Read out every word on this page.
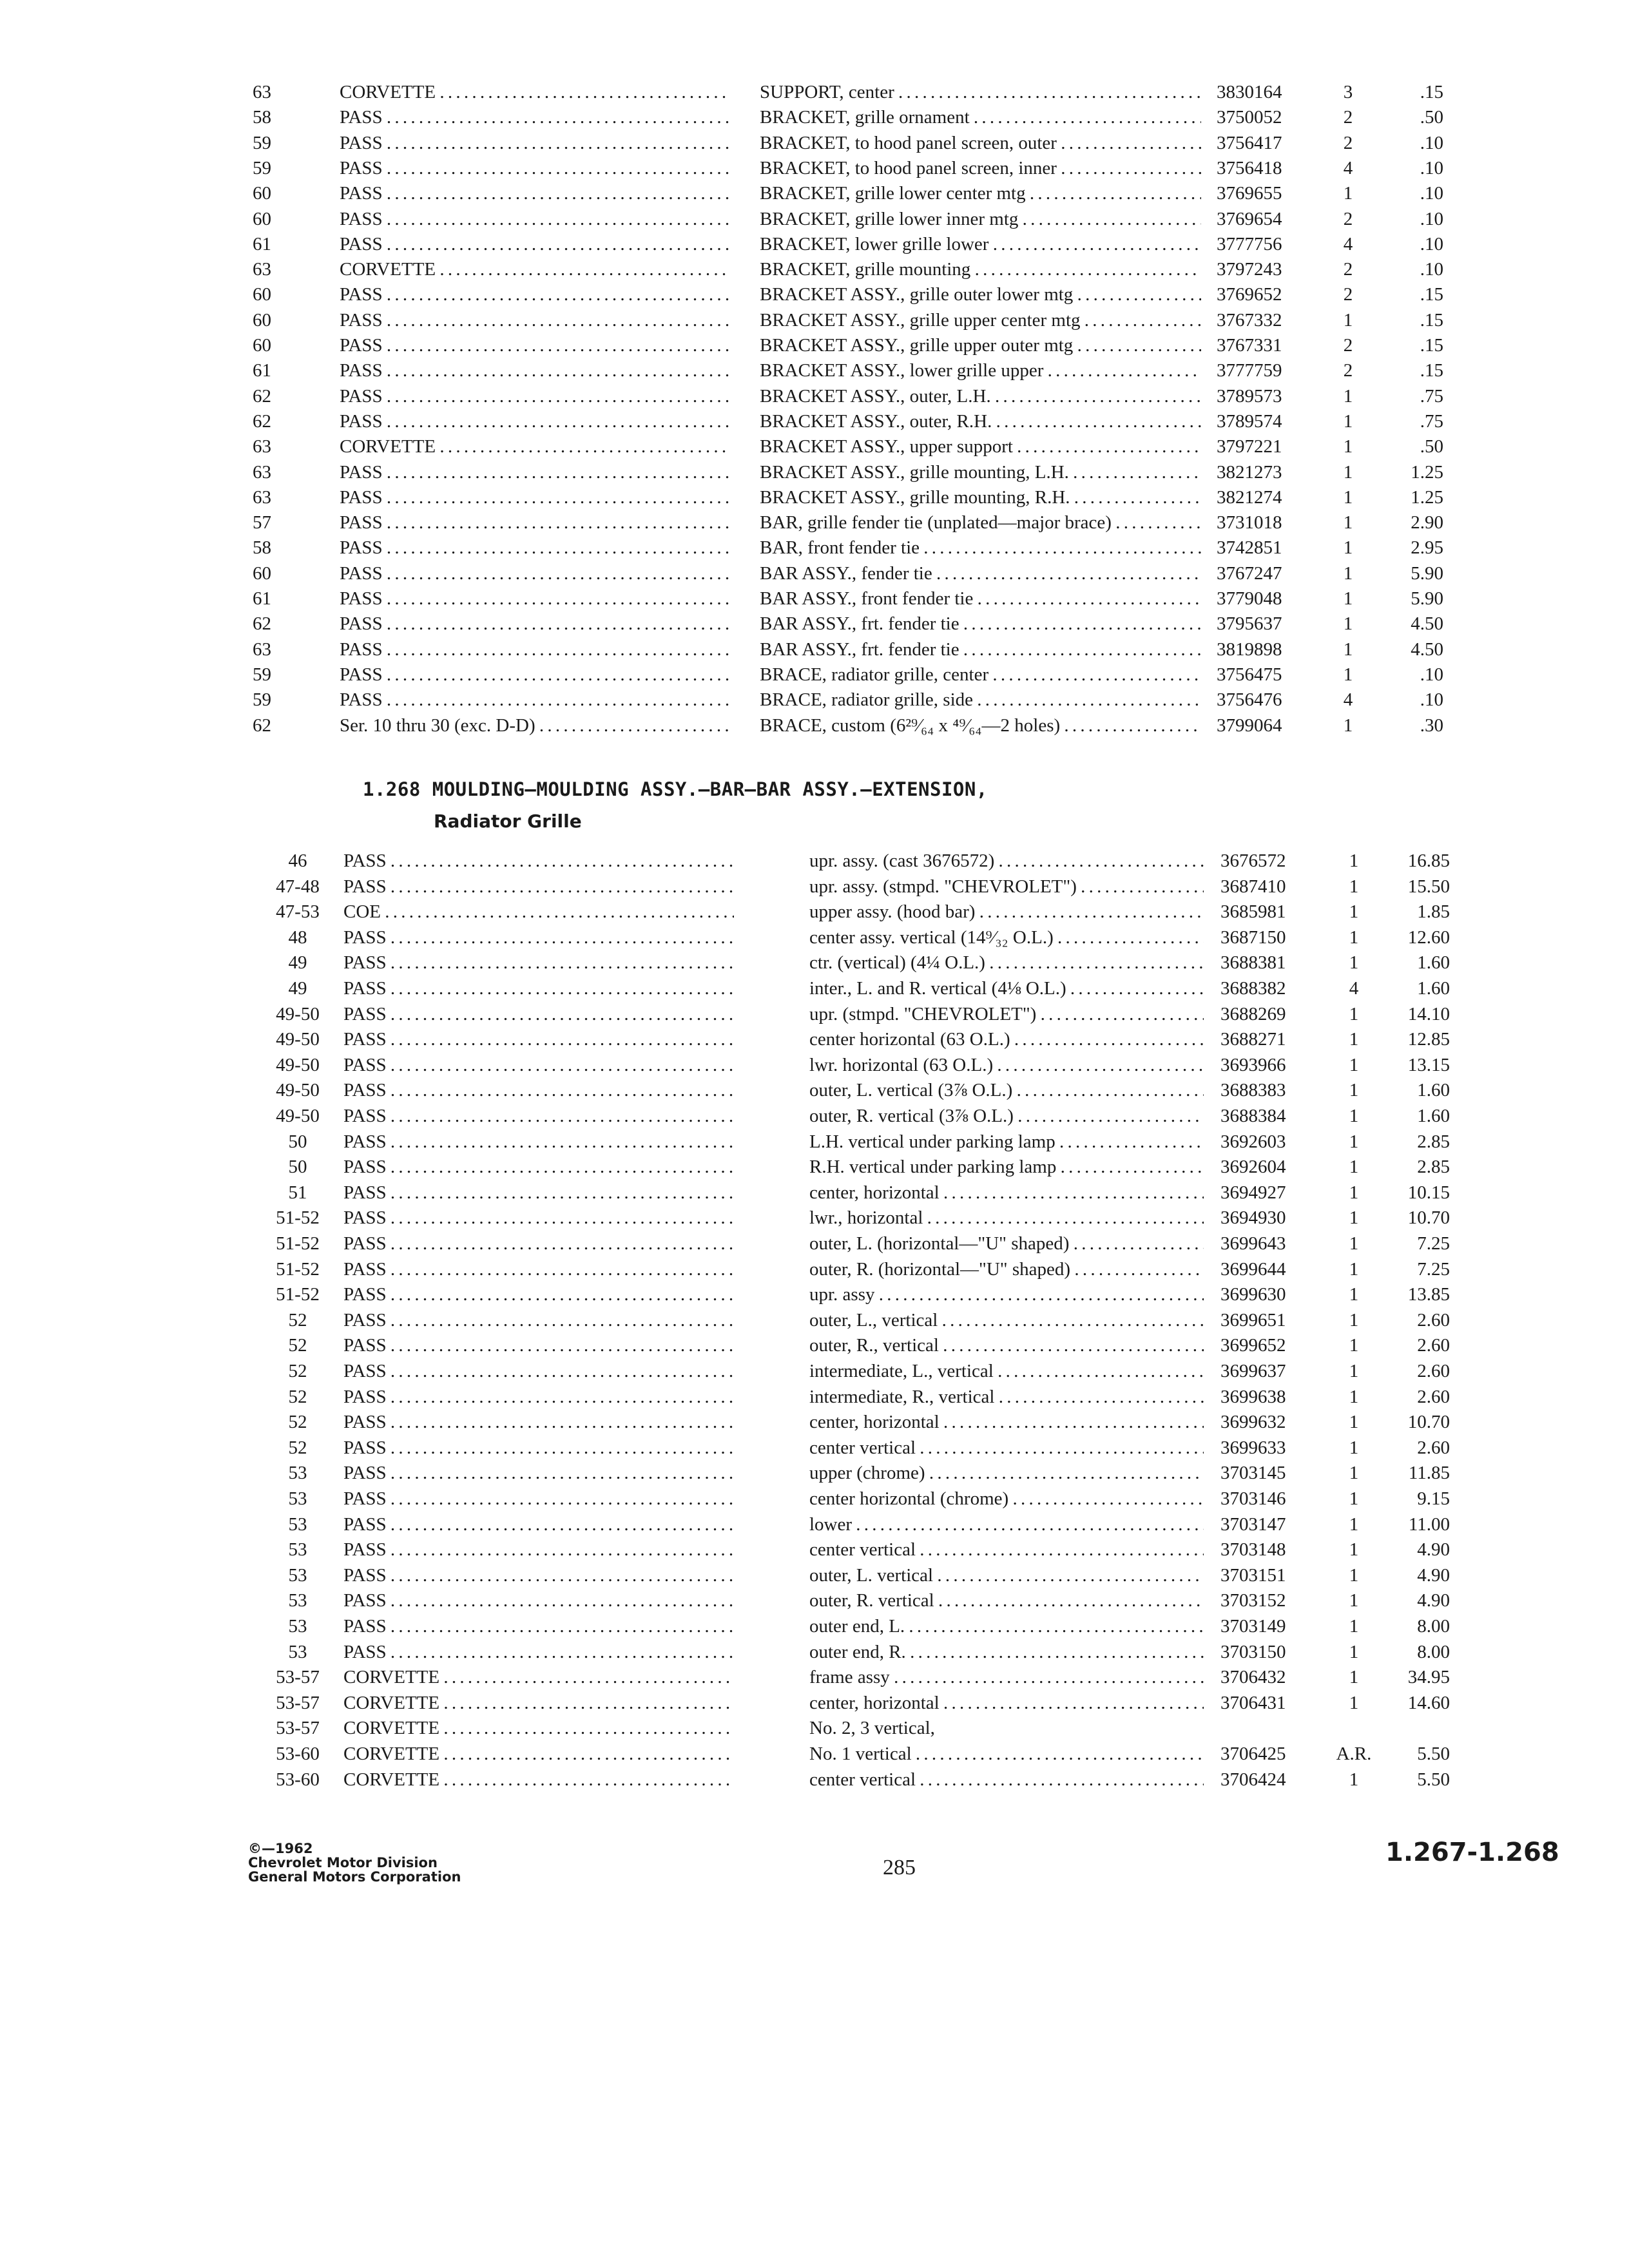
63	CORVETTE . . .	SUPPORT, center . . .	3830164	3	.15
58	PASS . . .	BRACKET, grille ornament . . .	3750052	2	.50
59	PASS . . .	BRACKET, to hood panel screen, outer . . .	3756417	2	.10
59	PASS . . .	BRACKET, to hood panel screen, inner . . .	3756418	4	.10
60	PASS . . .	BRACKET, grille lower center mtg . . .	3769655	1	.10
60	PASS . . .	BRACKET, grille lower inner mtg . . .	3769654	2	.10
61	PASS . . .	BRACKET, lower grille lower . . .	3777756	4	.10
63	CORVETTE . . .	BRACKET, grille mounting . . .	3797243	2	.10
60	PASS . . .	BRACKET ASSY., grille outer lower mtg . . .	3769652	2	.15
60	PASS . . .	BRACKET ASSY., grille upper center mtg . . .	3767332	1	.15
60	PASS . . .	BRACKET ASSY., grille upper outer mtg . . .	3767331	2	.15
61	PASS . . .	BRACKET ASSY., lower grille upper . . .	3777759	2	.15
62	PASS . . .	BRACKET ASSY., outer, L.H. . . .	3789573	1	.75
62	PASS . . .	BRACKET ASSY., outer, R.H. . . .	3789574	1	.75
63	CORVETTE . . .	BRACKET ASSY., upper support . . .	3797221	1	.50
63	PASS . . .	BRACKET ASSY., grille mounting, L.H. . . .	3821273	1	1.25
63	PASS . . .	BRACKET ASSY., grille mounting, R.H. . . .	3821274	1	1.25
57	PASS . . .	BAR, grille fender tie (unplated—major brace) . . .	3731018	1	2.90
58	PASS . . .	BAR, front fender tie . . .	3742851	1	2.95
60	PASS . . .	BAR ASSY., fender tie . . .	3767247	1	5.90
61	PASS . . .	BAR ASSY., front fender tie . . .	3779048	1	5.90
62	PASS . . .	BAR ASSY., frt. fender tie . . .	3795637	1	4.50
63	PASS . . .	BAR ASSY., frt. fender tie . . .	3819898	1	4.50
59	PASS . . .	BRACE, radiator grille, center . . .	3756475	1	.10
59	PASS . . .	BRACE, radiator grille, side . . .	3756476	4	.10
62	Ser. 10 thru 30 (exc. D-D) . . .	BRACE, custom (6²⁹⁄₆₄ x ⁴⁹⁄₆₄—2 holes) . . .	3799064	1	.30
1.268 MOULDING—MOULDING ASSY.—BAR—BAR ASSY.—EXTENSION,
Radiator Grille
46	PASS . . .	upr. assy. (cast 3676572) . . .	3676572	1	16.85
47-48	PASS . . .	upr. assy. (stmpd. "CHEVROLET") . . .	3687410	1	15.50
47-53	COE . . .	upper assy. (hood bar) . . .	3685981	1	1.85
48	PASS . . .	center assy. vertical (14⁹⁄₃₂ O.L.) . . .	3687150	1	12.60
49	PASS . . .	ctr. (vertical) (4¼ O.L.) . . .	3688381	1	1.60
49	PASS . . .	inter., L. and R. vertical (4⅛ O.L.) . . .	3688382	4	1.60
49-50	PASS . . .	upr. (stmpd. "CHEVROLET") . . .	3688269	1	14.10
49-50	PASS . . .	center horizontal (63 O.L.) . . .	3688271	1	12.85
49-50	PASS . . .	lwr. horizontal (63 O.L.) . . .	3693966	1	13.15
49-50	PASS . . .	outer, L. vertical (3⅞ O.L.) . . .	3688383	1	1.60
49-50	PASS . . .	outer, R. vertical (3⅞ O.L.) . . .	3688384	1	1.60
50	PASS . . .	L.H. vertical under parking lamp . . .	3692603	1	2.85
50	PASS . . .	R.H. vertical under parking lamp . . .	3692604	1	2.85
51	PASS . . .	center, horizontal . . .	3694927	1	10.15
51-52	PASS . . .	lwr., horizontal . . .	3694930	1	10.70
51-52	PASS . . .	outer, L. (horizontal—"U" shaped) . . .	3699643	1	7.25
51-52	PASS . . .	outer, R. (horizontal—"U" shaped) . . .	3699644	1	7.25
51-52	PASS . . .	upr. assy . . .	3699630	1	13.85
52	PASS . . .	outer, L., vertical . . .	3699651	1	2.60
52	PASS . . .	outer, R., vertical . . .	3699652	1	2.60
52	PASS . . .	intermediate, L., vertical . . .	3699637	1	2.60
52	PASS . . .	intermediate, R., vertical . . .	3699638	1	2.60
52	PASS . . .	center, horizontal . . .	3699632	1	10.70
52	PASS . . .	center vertical . . .	3699633	1	2.60
53	PASS . . .	upper (chrome) . . .	3703145	1	11.85
53	PASS . . .	center horizontal (chrome) . . .	3703146	1	9.15
53	PASS . . .	lower . . .	3703147	1	11.00
53	PASS . . .	center vertical . . .	3703148	1	4.90
53	PASS . . .	outer, L. vertical . . .	3703151	1	4.90
53	PASS . . .	outer, R. vertical . . .	3703152	1	4.90
53	PASS . . .	outer end, L. . . .	3703149	1	8.00
53	PASS . . .	outer end, R. . . .	3703150	1	8.00
53-57	CORVETTE . . .	frame assy . . .	3706432	1	34.95
53-57	CORVETTE . . .	center, horizontal . . .	3706431	1	14.60
53-57	CORVETTE . . .	No. 2, 3 vertical,
53-60	CORVETTE . . .	No. 1 vertical . . .	3706425	A.R.	5.50
53-60	CORVETTE . . .	center vertical . . .	3706424	1	5.50
©—1962
Chevrolet Motor Division
General Motors Corporation	285
1.267-1.268
